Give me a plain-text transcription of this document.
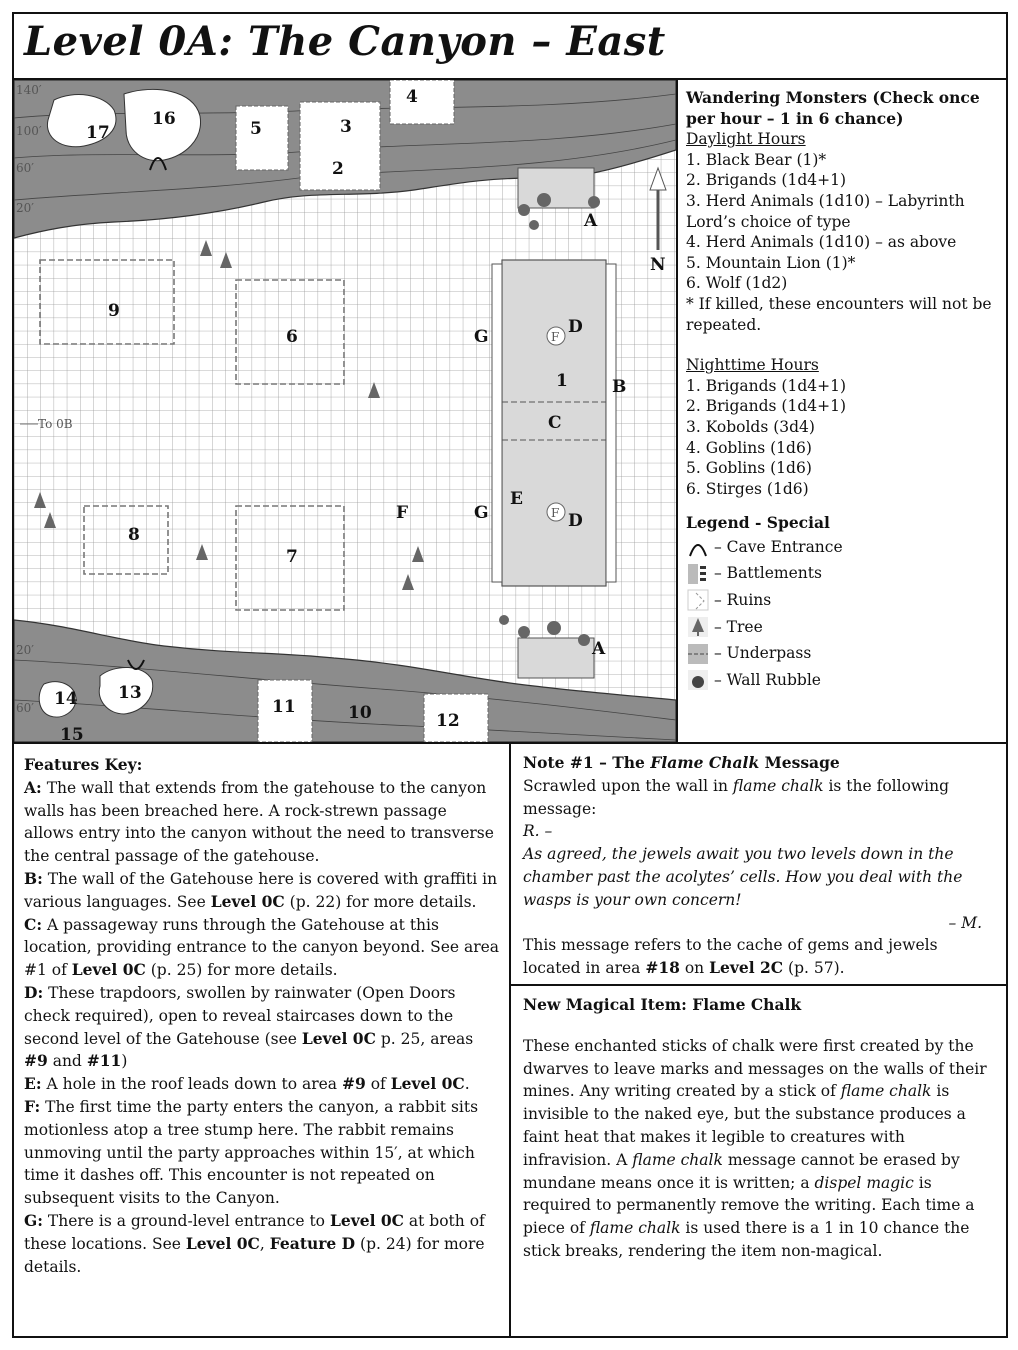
Level 0A: The Canyon – East
N
140′
100′
60′
20′
20′
60′
To 0B
1
2
3
4
5
6
7
8
9
10
11
12
13
14
15
16
17
A
A
B
C
D
D
E
F
G
G
F
F
Wandering Monsters (Check once per hour – 1 in 6 chance)
Daylight Hours
1. Black Bear (1)*
2. Brigands (1d4+1)
3. Herd Animals (1d10) – Labyrinth Lord’s choice of type
4. Herd Animals (1d10) – as above
5. Mountain Lion (1)*
6. Wolf (1d2)
* If killed, these encounters will not be repeated.
Nighttime Hours
1. Brigands (1d4+1)
2. Brigands (1d4+1)
3. Kobolds (3d4)
4. Goblins (1d6)
5. Goblins (1d6)
6. Stirges (1d6)
Legend - Special
– Cave Entrance
– Battlements
– Ruins
– Tree
– Underpass
– Wall Rubble

Features Key:

A: The wall that extends from the gatehouse to the canyon walls has been breached here. A rock-strewn passage allows entry into the canyon without the need to transverse the central passage of the gatehouse.

B: The wall of the Gatehouse here is covered with graffiti in various languages. See Level 0C (p. 22) for more details.

C: A passageway runs through the Gatehouse at this location, providing entrance to the canyon beyond. See area #1 of Level 0C (p. 25) for more details.

D: These trapdoors, swollen by rainwater (Open Doors check required), open to reveal staircases down to the second level of the Gatehouse (see Level 0C p. 25, areas #9 and #11)

E: A hole in the roof leads down to area #9 of Level 0C.

F: The first time the party enters the canyon, a rabbit sits motionless atop a tree stump here. The rabbit remains unmoving until the party approaches within 15′, at which time it dashes off. This encounter is not repeated on subsequent visits to the Canyon.

G: There is a ground-level entrance to Level 0C at both of these locations. See Level 0C, Feature D (p. 24) for more details.

Note #1 – The Flame Chalk Message

Scrawled upon the wall in flame chalk is the following message:

R. –

As agreed, the jewels await you two levels down in the chamber past the acolytes’ cells. How you deal with the wasps is your own concern!

– M.

This message refers to the cache of gems and jewels located in area #18 on Level 2C (p. 57).

New Magical Item: Flame Chalk

These enchanted sticks of chalk were first created by the dwarves to leave marks and messages on the walls of their mines. Any writing created by a stick of flame chalk is invisible to the naked eye, but the substance produces a faint heat that makes it legible to creatures with infravision. A flame chalk message cannot be erased by mundane means once it is written; a dispel magic is required to permanently remove the writing. Each time a piece of flame chalk is used there is a 1 in 10 chance the stick breaks, rendering the item non-magical.
